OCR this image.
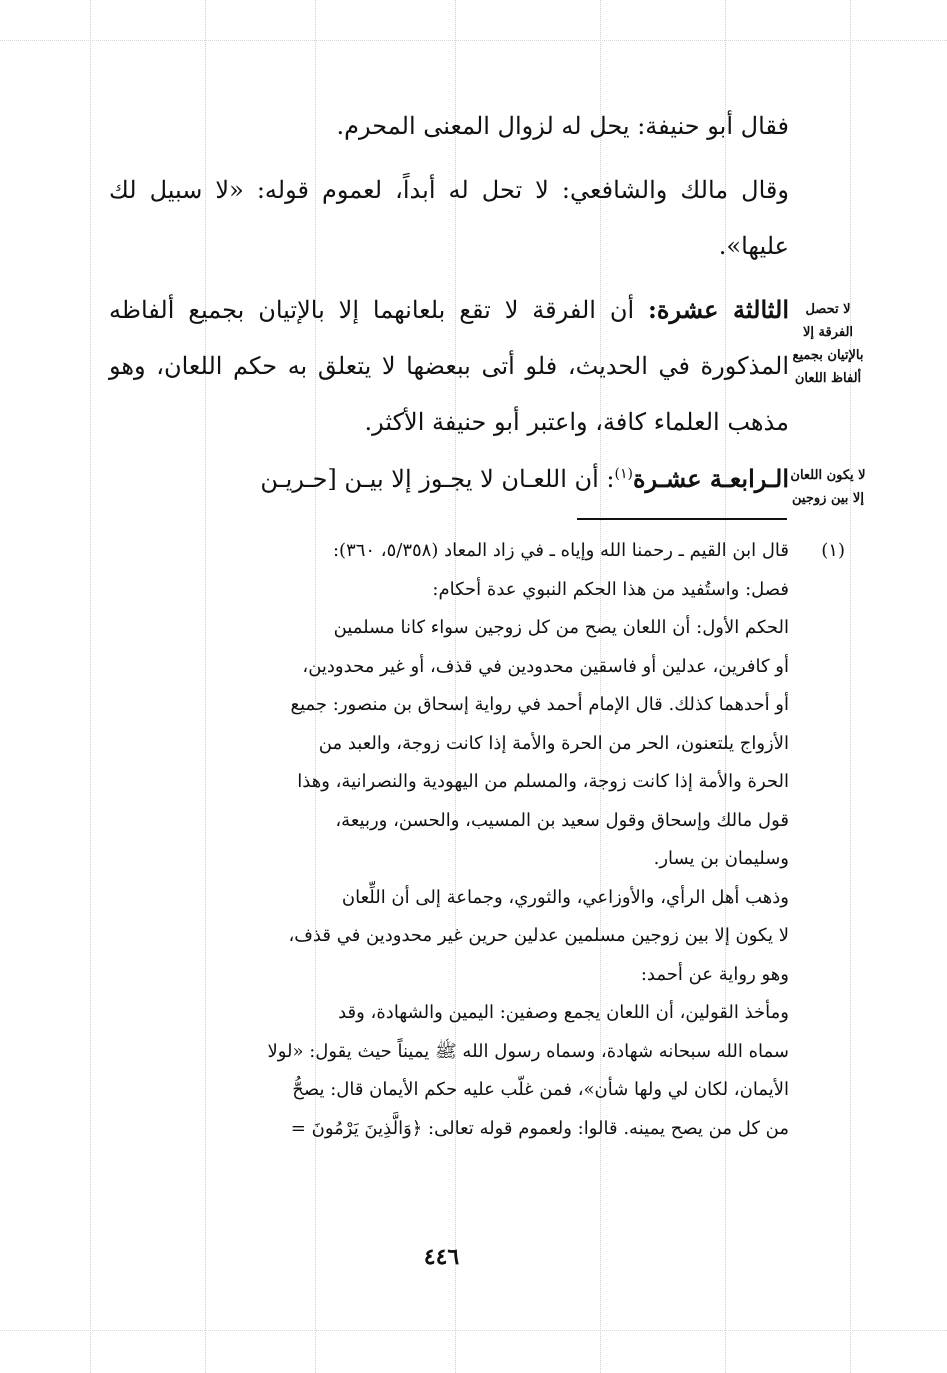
فقال أبو حنيفة: يحل له لزوال المعنى المحرم.

وقال مالك والشافعي: لا تحل له أبداً، لعموم قوله: «لا سبيل لك عليها».

الثالثة عشرة: أن الفرقة لا تقع بلعانهما إلا بالإتيان بجميع ألفاظه المذكورة في الحديث، فلو أتى ببعضها لا يتعلق به حكم اللعان، وهو مذهب العلماء كافة، واعتبر أبو حنيفة الأكثر.

الـرابعـة عشـرة$^{(١)}$: أن اللعـان لا يجـوز إلا بيـن [حـريـن

لا تحصل الفرقة إلا بالإتيان بجميع ألفاظ اللعان
لا يكون اللعان إلا بين زوجين
(١)

قال ابن القيم ـ رحمنا الله وإياه ـ في زاد المعاد (٥/٣٥٨، ٣٦٠):

فصل: واستُفيد من هذا الحكم النبوي عدة أحكام:

الحكم الأول: أن اللعان يصح من كل زوجين سواء كانا مسلمين

أو كافرين، عدلين أو فاسقين محدودين في قذف، أو غير محدودين،

أو أحدهما كذلك. قال الإمام أحمد في رواية إسحاق بن منصور: جميع

الأزواج يلتعنون، الحر من الحرة والأمة إذا كانت زوجة، والعبد من

الحرة والأمة إذا كانت زوجة، والمسلم من اليهودية والنصرانية، وهذا

قول مالك وإسحاق وقول سعيد بن المسيب، والحسن، وربيعة،

وسليمان بن يسار.

وذهب أهل الرأي، والأوزاعي، والثوري، وجماعة إلى أن اللِّعان

لا يكون إلا بين زوجين مسلمين عدلين حرين غير محدودين في قذف،

وهو رواية عن أحمد:

ومأخذ القولين، أن اللعان يجمع وصفين: اليمين والشهادة، وقد

سماه الله سبحانه شهادة، وسماه رسول الله ﷺ يميناً حيث يقول: «لولا

الأيمان، لكان لي ولها شأن»، فمن غلّب عليه حكم الأيمان قال: يصحُّ

من كل من يصح يمينه. قالوا: ولعموم قوله تعالى: ﴿وَالَّذِينَ يَرْمُونَ =

٤٤٦
